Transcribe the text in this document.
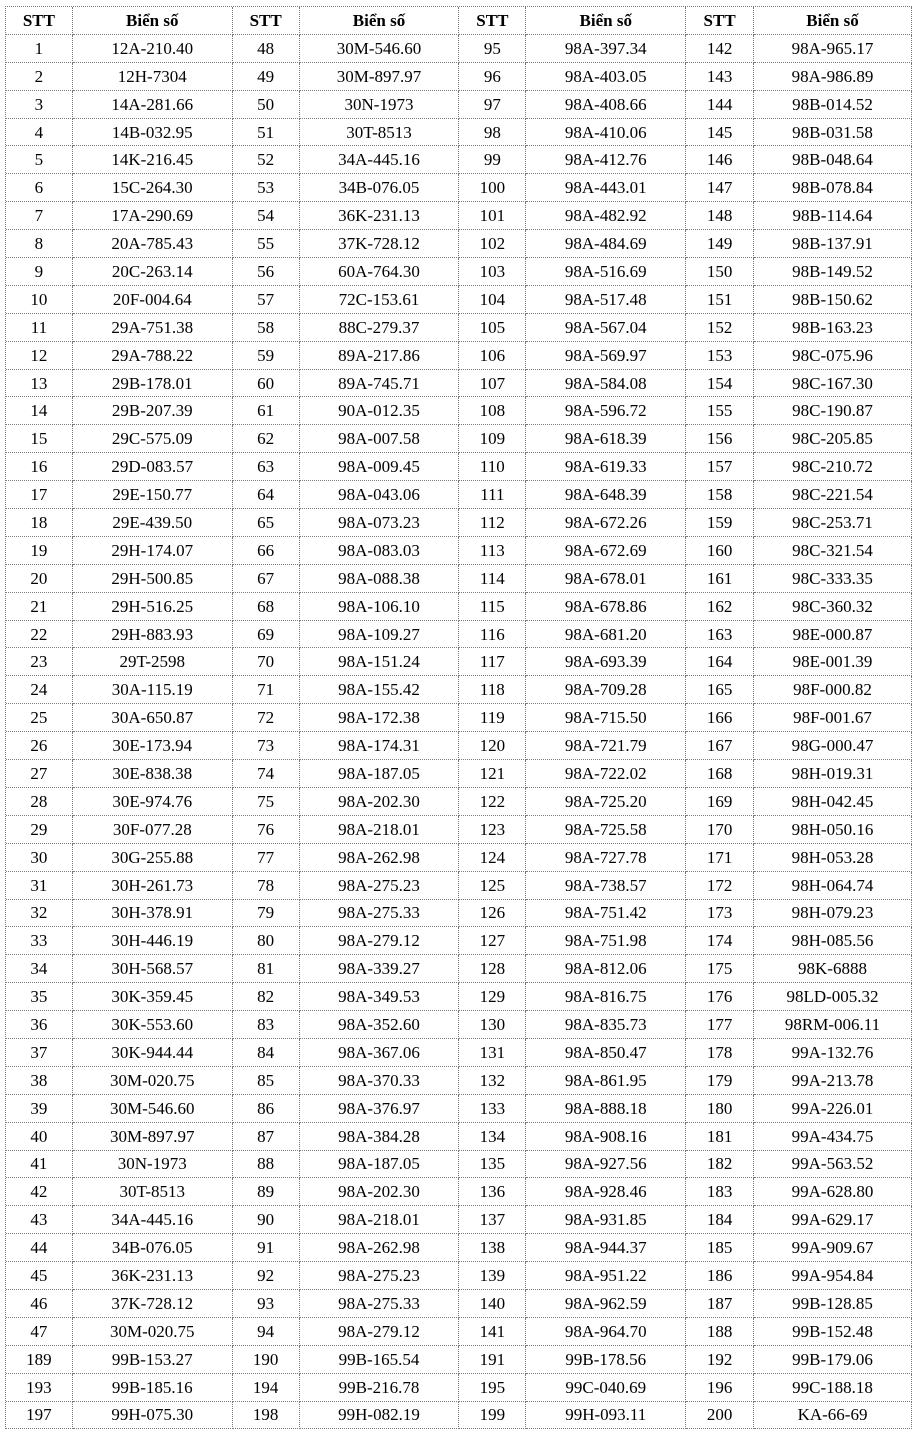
STT	Biển số	STT	Biển số	STT	Biển số	STT	Biển số
1	12A-210.40	48	30M-546.60	95	98A-397.34	142	98A-965.17
2	12H-7304	49	30M-897.97	96	98A-403.05	143	98A-986.89
3	14A-281.66	50	30N-1973	97	98A-408.66	144	98B-014.52
4	14B-032.95	51	30T-8513	98	98A-410.06	145	98B-031.58
5	14K-216.45	52	34A-445.16	99	98A-412.76	146	98B-048.64
6	15C-264.30	53	34B-076.05	100	98A-443.01	147	98B-078.84
7	17A-290.69	54	36K-231.13	101	98A-482.92	148	98B-114.64
8	20A-785.43	55	37K-728.12	102	98A-484.69	149	98B-137.91
9	20C-263.14	56	60A-764.30	103	98A-516.69	150	98B-149.52
10	20F-004.64	57	72C-153.61	104	98A-517.48	151	98B-150.62
11	29A-751.38	58	88C-279.37	105	98A-567.04	152	98B-163.23
12	29A-788.22	59	89A-217.86	106	98A-569.97	153	98C-075.96
13	29B-178.01	60	89A-745.71	107	98A-584.08	154	98C-167.30
14	29B-207.39	61	90A-012.35	108	98A-596.72	155	98C-190.87
15	29C-575.09	62	98A-007.58	109	98A-618.39	156	98C-205.85
16	29D-083.57	63	98A-009.45	110	98A-619.33	157	98C-210.72
17	29E-150.77	64	98A-043.06	111	98A-648.39	158	98C-221.54
18	29E-439.50	65	98A-073.23	112	98A-672.26	159	98C-253.71
19	29H-174.07	66	98A-083.03	113	98A-672.69	160	98C-321.54
20	29H-500.85	67	98A-088.38	114	98A-678.01	161	98C-333.35
21	29H-516.25	68	98A-106.10	115	98A-678.86	162	98C-360.32
22	29H-883.93	69	98A-109.27	116	98A-681.20	163	98E-000.87
23	29T-2598	70	98A-151.24	117	98A-693.39	164	98E-001.39
24	30A-115.19	71	98A-155.42	118	98A-709.28	165	98F-000.82
25	30A-650.87	72	98A-172.38	119	98A-715.50	166	98F-001.67
26	30E-173.94	73	98A-174.31	120	98A-721.79	167	98G-000.47
27	30E-838.38	74	98A-187.05	121	98A-722.02	168	98H-019.31
28	30E-974.76	75	98A-202.30	122	98A-725.20	169	98H-042.45
29	30F-077.28	76	98A-218.01	123	98A-725.58	170	98H-050.16
30	30G-255.88	77	98A-262.98	124	98A-727.78	171	98H-053.28
31	30H-261.73	78	98A-275.23	125	98A-738.57	172	98H-064.74
32	30H-378.91	79	98A-275.33	126	98A-751.42	173	98H-079.23
33	30H-446.19	80	98A-279.12	127	98A-751.98	174	98H-085.56
34	30H-568.57	81	98A-339.27	128	98A-812.06	175	98K-6888
35	30K-359.45	82	98A-349.53	129	98A-816.75	176	98LD-005.32
36	30K-553.60	83	98A-352.60	130	98A-835.73	177	98RM-006.11
37	30K-944.44	84	98A-367.06	131	98A-850.47	178	99A-132.76
38	30M-020.75	85	98A-370.33	132	98A-861.95	179	99A-213.78
39	30M-546.60	86	98A-376.97	133	98A-888.18	180	99A-226.01
40	30M-897.97	87	98A-384.28	134	98A-908.16	181	99A-434.75
41	30N-1973	88	98A-187.05	135	98A-927.56	182	99A-563.52
42	30T-8513	89	98A-202.30	136	98A-928.46	183	99A-628.80
43	34A-445.16	90	98A-218.01	137	98A-931.85	184	99A-629.17
44	34B-076.05	91	98A-262.98	138	98A-944.37	185	99A-909.67
45	36K-231.13	92	98A-275.23	139	98A-951.22	186	99A-954.84
46	37K-728.12	93	98A-275.33	140	98A-962.59	187	99B-128.85
47	30M-020.75	94	98A-279.12	141	98A-964.70	188	99B-152.48
189	99B-153.27	190	99B-165.54	191	99B-178.56	192	99B-179.06
193	99B-185.16	194	99B-216.78	195	99C-040.69	196	99C-188.18
197	99H-075.30	198	99H-082.19	199	99H-093.11	200	KA-66-69
